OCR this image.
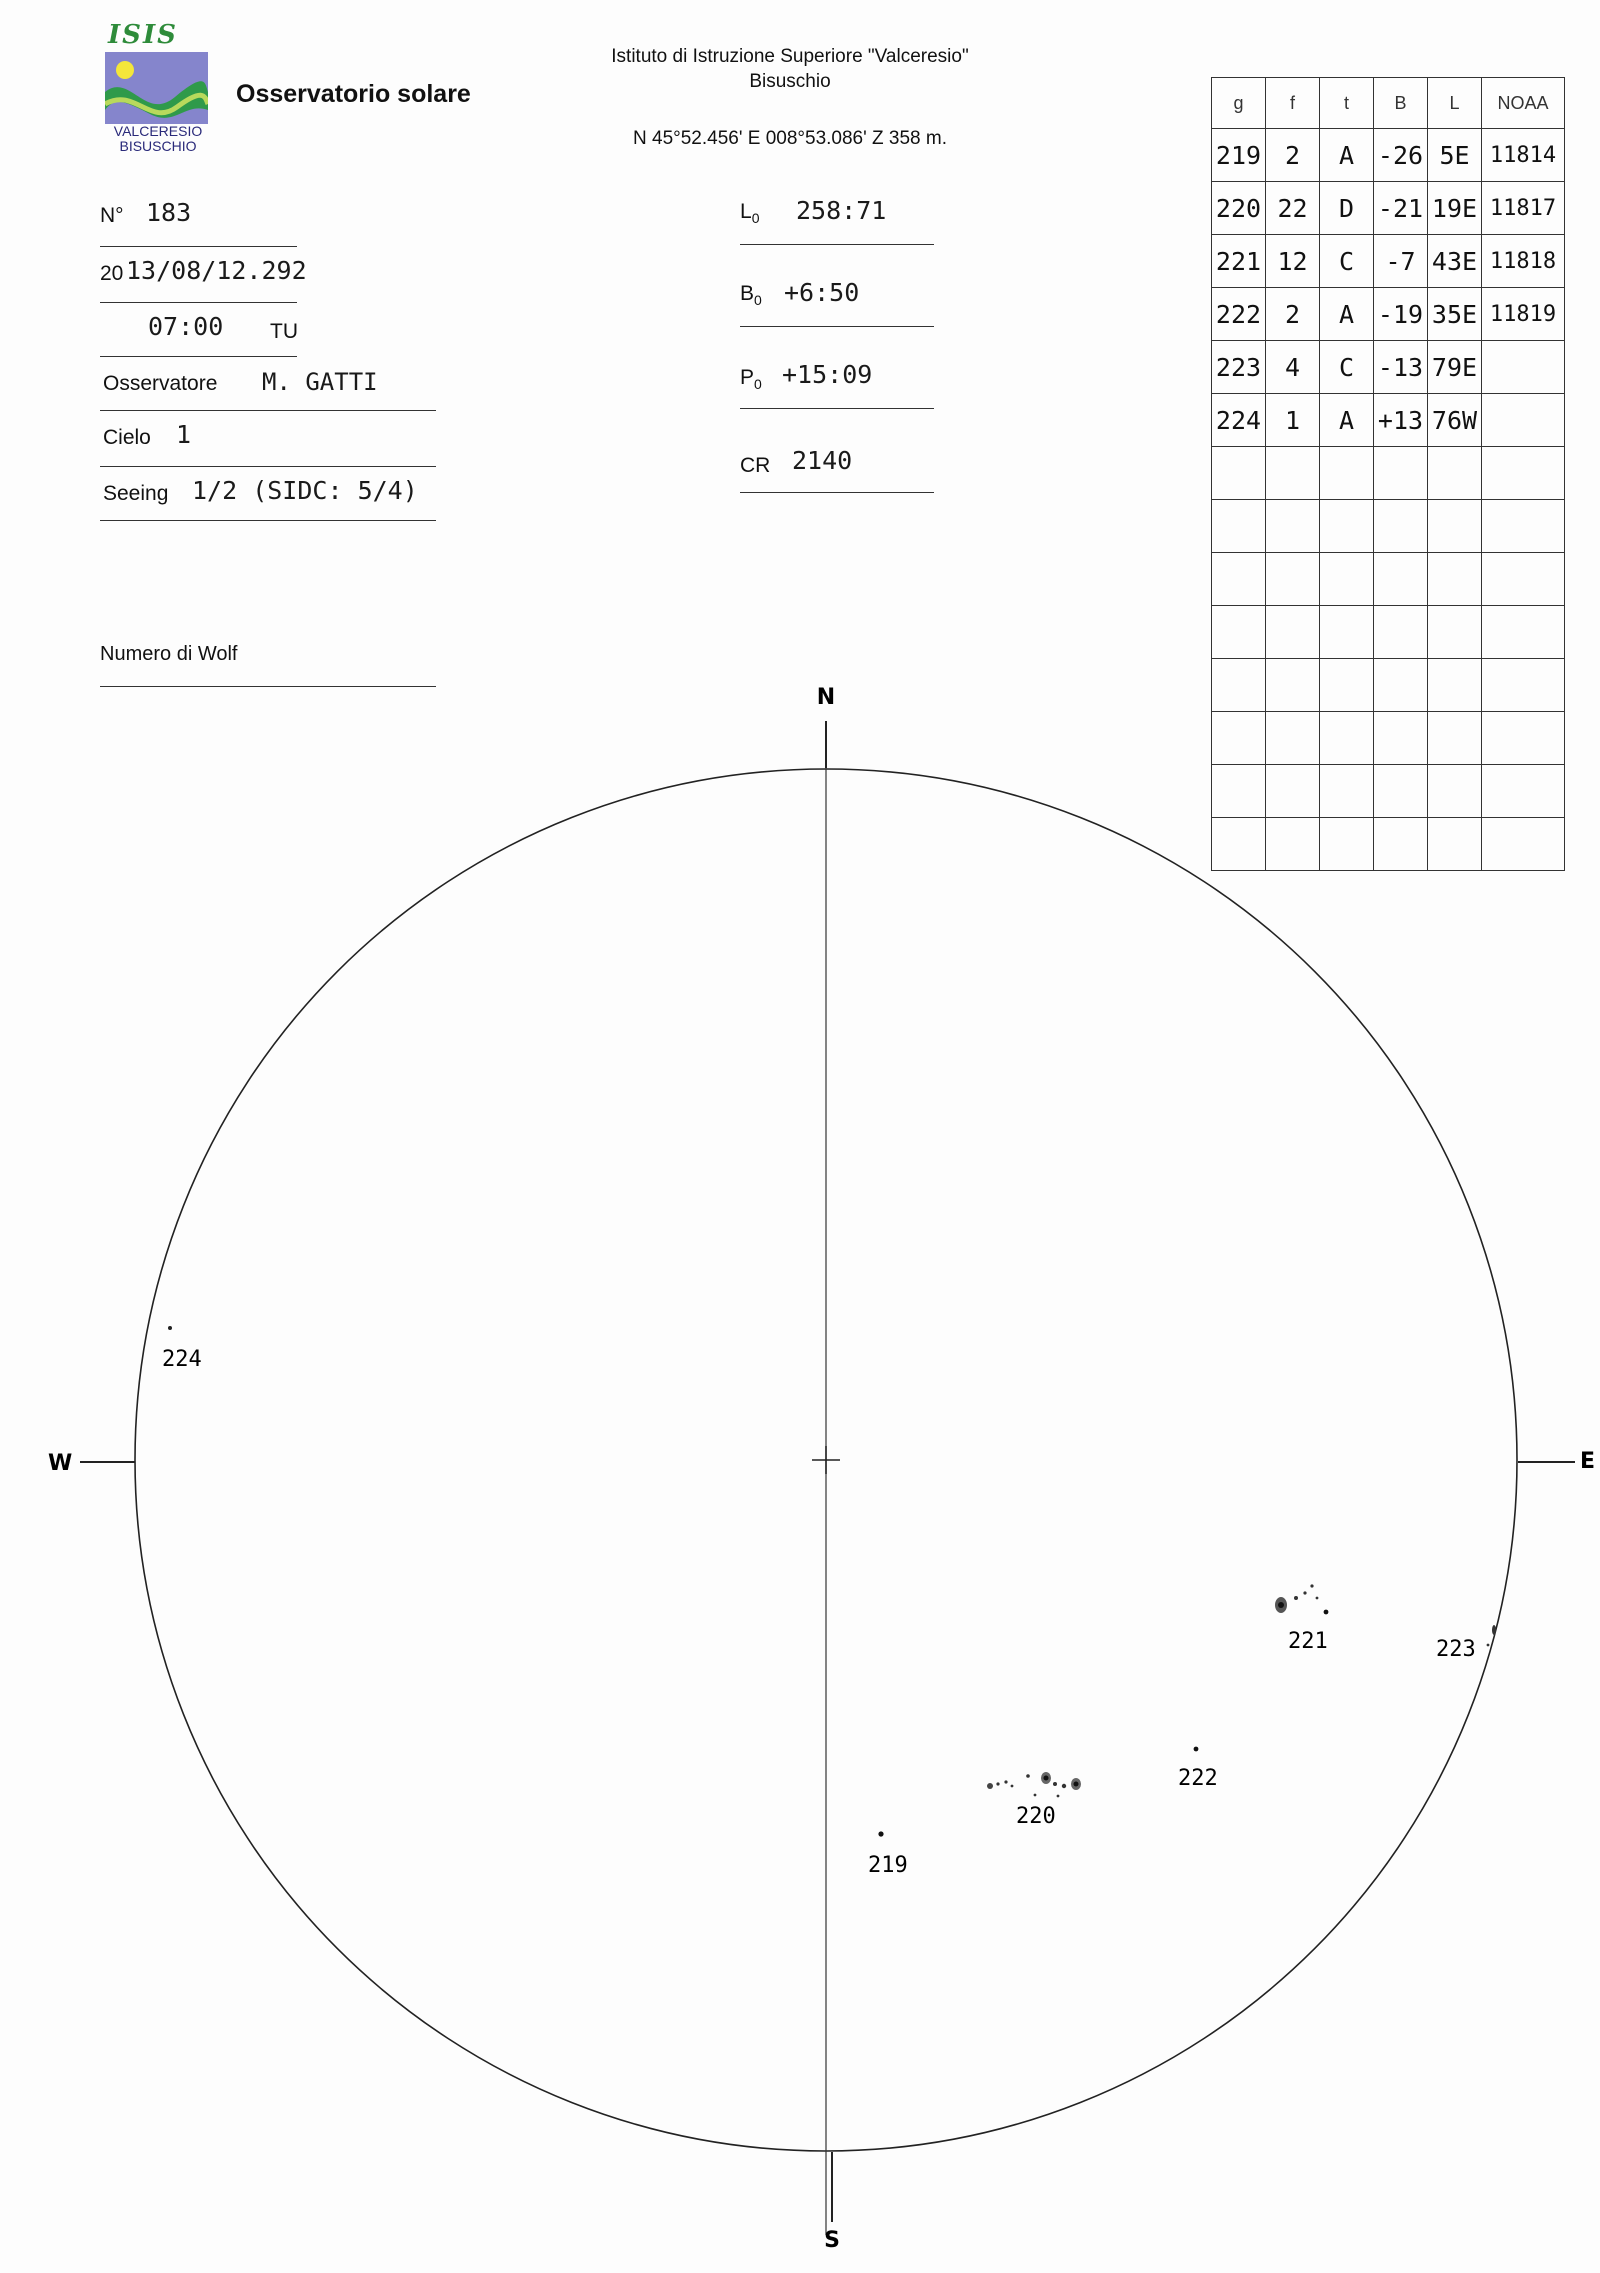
ISIS
VALCERESIO
BISUSCHIO
Osservatorio solare
Istituto di Istruzione Superiore "Valceresio"
Bisuschio
N 45°52.456' E 008°53.086' Z 358 m.
N° 183
20 13/08/12.292
07:00 TU
Osservatore M. GATTI
Cielo 1
Seeing 1/2 (SIDC: 5/4)
Numero di Wolf
$L_0$ 258:71
$B_0$ +6:50
$P_0$ +15:09
CR 2140
g	f	t	B	L	NOAA
219	2	A	-26	5E	11814
220	22	D	-21	19E	11817
221	12	C	-7	43E	11818
222	2	A	-19	35E	11819
223	4	C	-13	79E	
224	1	A	+13	76W	

N
S
W	E
224
221	223
222
220
219
